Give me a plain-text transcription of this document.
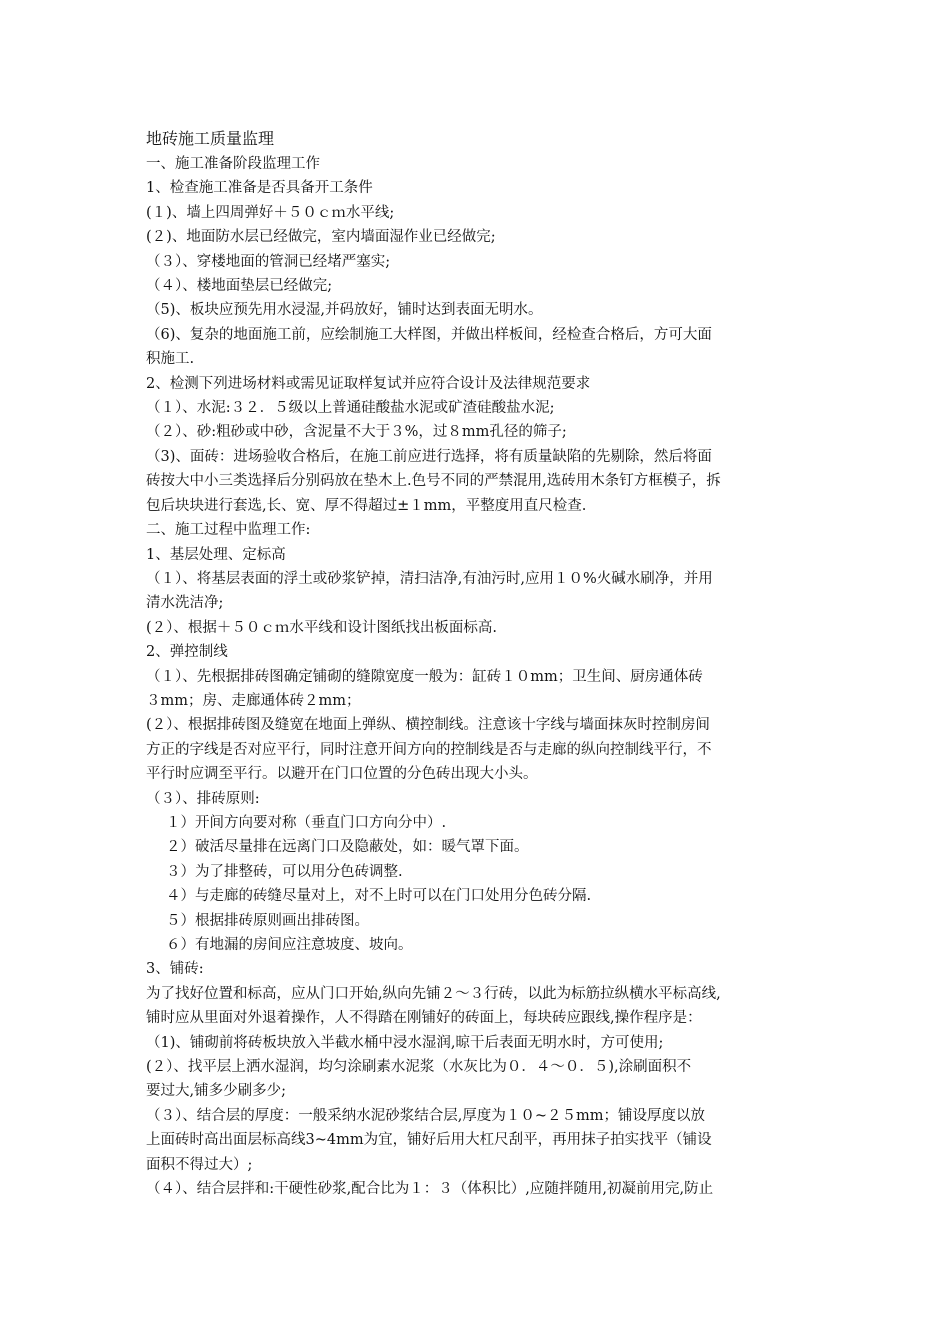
地砖施工质量监理
一、施工准备阶段监理工作
1、检查施工准备是否具备开工条件
(１)、墙上四周弹好＋５０ｃｍ水平线;
(２)、地面防水层已经做完，室内墙面湿作业已经做完;
（３）、穿楼地面的管洞已经堵严塞实;
（４）、楼地面垫层已经做完;
（5)、板块应预先用水浸湿,并码放好，铺时达到表面无明水。
（6)、复杂的地面施工前，应绘制施工大样图，并做出样板间，经检查合格后，方可大面
积施工.
2、检测下列进场材料或需见证取样复试并应符合设计及法律规范要求
（１）、水泥:３２．５级以上普通硅酸盐水泥或矿渣硅酸盐水泥;
（２）、砂:粗砂或中砂，含泥量不大于３%，过８mm孔径的筛子;
（3)、面砖：进场验收合格后，在施工前应进行选择，将有质量缺陷的先剔除，然后将面
砖按大中小三类选择后分别码放在垫木上.色号不同的严禁混用,选砖用木条钉方框模子，拆
包后块块进行套选,长、宽、厚不得超过±１mm，平整度用直尺检查.
二、施工过程中监理工作:
1、基层处理、定标高
（１）、将基层表面的浮土或砂浆铲掉，清扫洁净,有油污时,应用１０%火碱水刷净，并用
清水洗洁净;
(２）、根据＋５０ｃｍ水平线和设计图纸找出板面标高.
2、弹控制线
（１）、先根据排砖图确定铺砌的缝隙宽度一般为：缸砖１０mm；卫生间、厨房通体砖
３mm；房、走廊通体砖２mm；
(２）、根据排砖图及缝宽在地面上弹纵、横控制线。注意该十字线与墙面抹灰时控制房间
方正的字线是否对应平行，同时注意开间方向的控制线是否与走廊的纵向控制线平行，不
平行时应调至平行。以避开在门口位置的分色砖出现大小头。
（３）、排砖原则:
１）开间方向要对称（垂直门口方向分中）.
２）破活尽量排在远离门口及隐蔽处，如：暖气罩下面。
３）为了排整砖，可以用分色砖调整.
４）与走廊的砖缝尽量对上，对不上时可以在门口处用分色砖分隔.
５）根据排砖原则画出排砖图。
６）有地漏的房间应注意坡度、坡向。
3、铺砖:
为了找好位置和标高，应从门口开始,纵向先铺２～３行砖，以此为标筋拉纵横水平标高线,
铺时应从里面对外退着操作，人不得踏在刚铺好的砖面上，每块砖应跟线,操作程序是：
（1)、铺砌前将砖板块放入半截水桶中浸水湿润,晾干后表面无明水时，方可使用;
(２）、找平层上洒水湿润，均匀涂刷素水泥浆（水灰比为０．４～０．５),涂刷面积不
要过大,铺多少刷多少;
（３）、结合层的厚度：一般采纳水泥砂浆结合层,厚度为１０~２５mm；铺设厚度以放
上面砖时高出面层标高线3~4mm为宜，铺好后用大杠尺刮平，再用抹子拍实找平（铺设
面积不得过大）;
（４）、结合层拌和:干硬性砂浆,配合比为１：３（体积比）,应随拌随用,初凝前用完,防止
